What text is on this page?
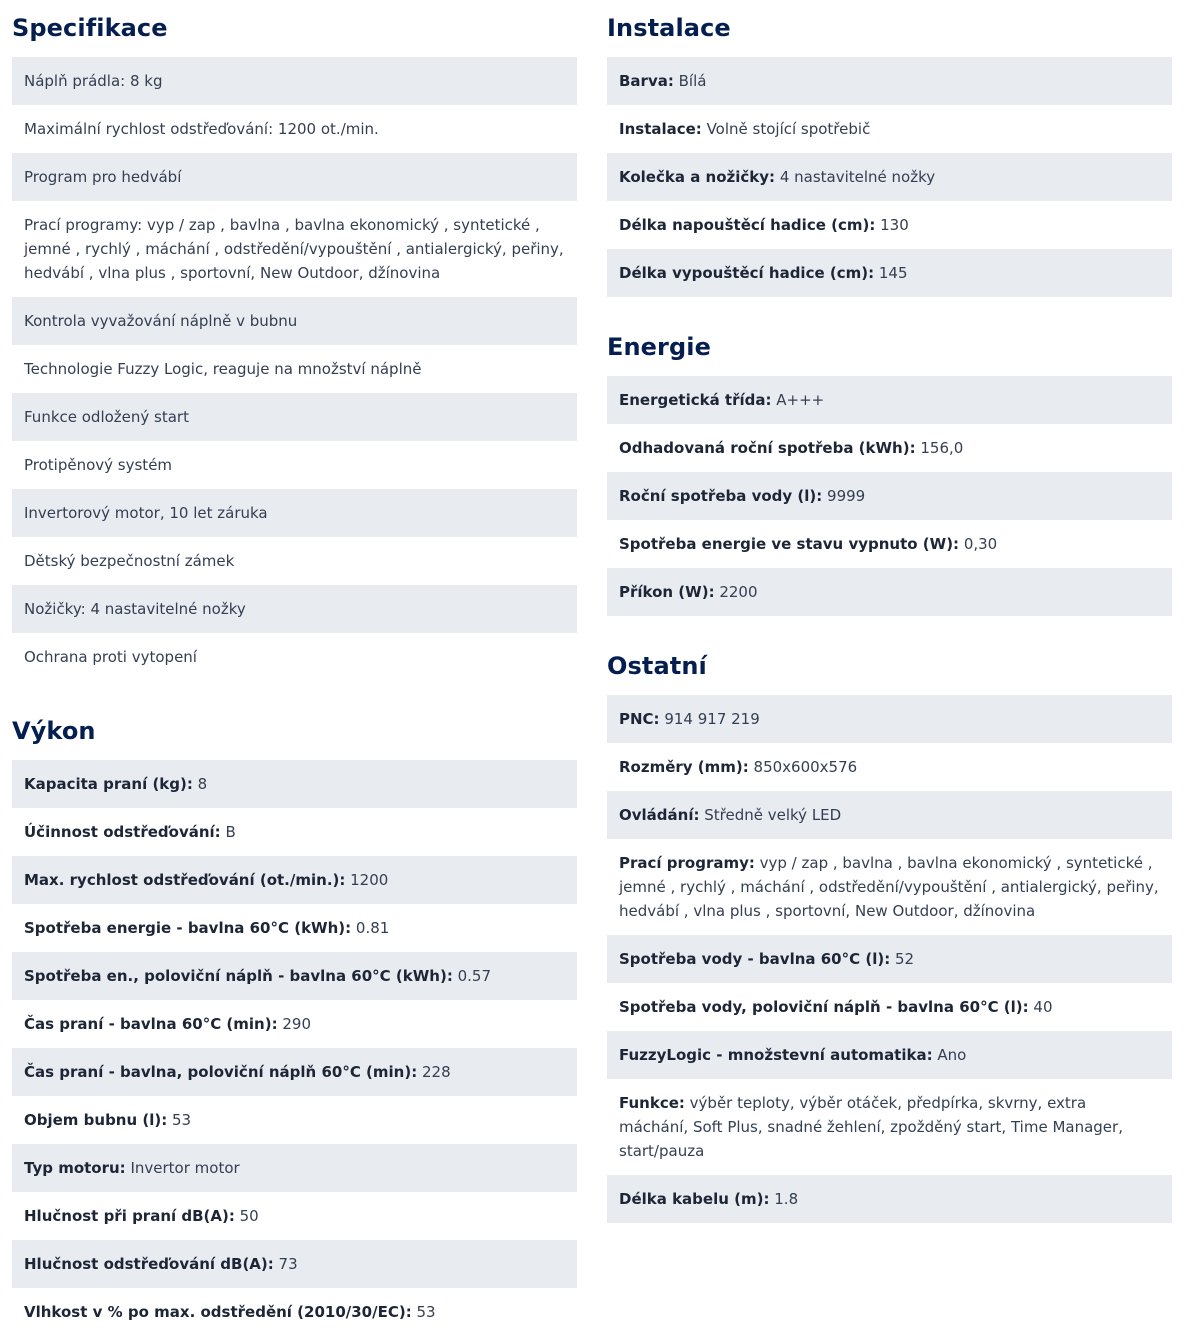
Specifikace
Náplň prádla: 8 kg
Maximální rychlost odstřeďování: 1200 ot./min.
Program pro hedvábí
Prací programy: vyp / zap , bavlna , bavlna ekonomický , syntetické , jemné , rychlý , máchání , odstředění/vypouštění , antialergický, peřiny, hedvábí , vlna plus , sportovní, New Outdoor, džínovina
Kontrola vyvažování náplně v bubnu
Technologie Fuzzy Logic, reaguje na množství náplně
Funkce odložený start
Protipěnový systém
Invertorový motor, 10 let záruka
Dětský bezpečnostní zámek
Nožičky: 4 nastavitelné nožky
Ochrana proti vytopení
Výkon
Kapacita praní (kg): 8
Účinnost odstřeďování: B
Max. rychlost odstřeďování (ot./min.): 1200
Spotřeba energie - bavlna 60°C (kWh): 0.81
Spotřeba en., poloviční náplň - bavlna 60°C (kWh): 0.57
Čas praní - bavlna 60°C (min): 290
Čas praní - bavlna, poloviční náplň 60°C (min): 228
Objem bubnu (l): 53
Typ motoru: Invertor motor
Hlučnost při praní dB(A): 50
Hlučnost odstřeďování dB(A): 73
Vlhkost v % po max. odstředění (2010/30/EC): 53
Instalace
Barva: Bílá
Instalace: Volně stojící spotřebič
Kolečka a nožičky: 4 nastavitelné nožky
Délka napouštěcí hadice (cm): 130
Délka vypouštěcí hadice (cm): 145
Energie
Energetická třída: A+++
Odhadovaná roční spotřeba (kWh): 156,0
Roční spotřeba vody (l): 9999
Spotřeba energie ve stavu vypnuto (W): 0,30
Příkon (W): 2200
Ostatní
PNC: 914 917 219
Rozměry (mm): 850x600x576
Ovládání: Středně velký LED
Prací programy: vyp / zap , bavlna , bavlna ekonomický , syntetické , jemné , rychlý , máchání , odstředění/vypouštění , antialergický, peřiny, hedvábí , vlna plus , sportovní, New Outdoor, džínovina
Spotřeba vody - bavlna 60°C (l): 52
Spotřeba vody, poloviční náplň - bavlna 60°C (l): 40
FuzzyLogic - množstevní automatika: Ano
Funkce: výběr teploty, výběr otáček, předpírka, skvrny, extra máchání, Soft Plus, snadné žehlení, zpožděný start, Time Manager, start/pauza
Délka kabelu (m): 1.8
